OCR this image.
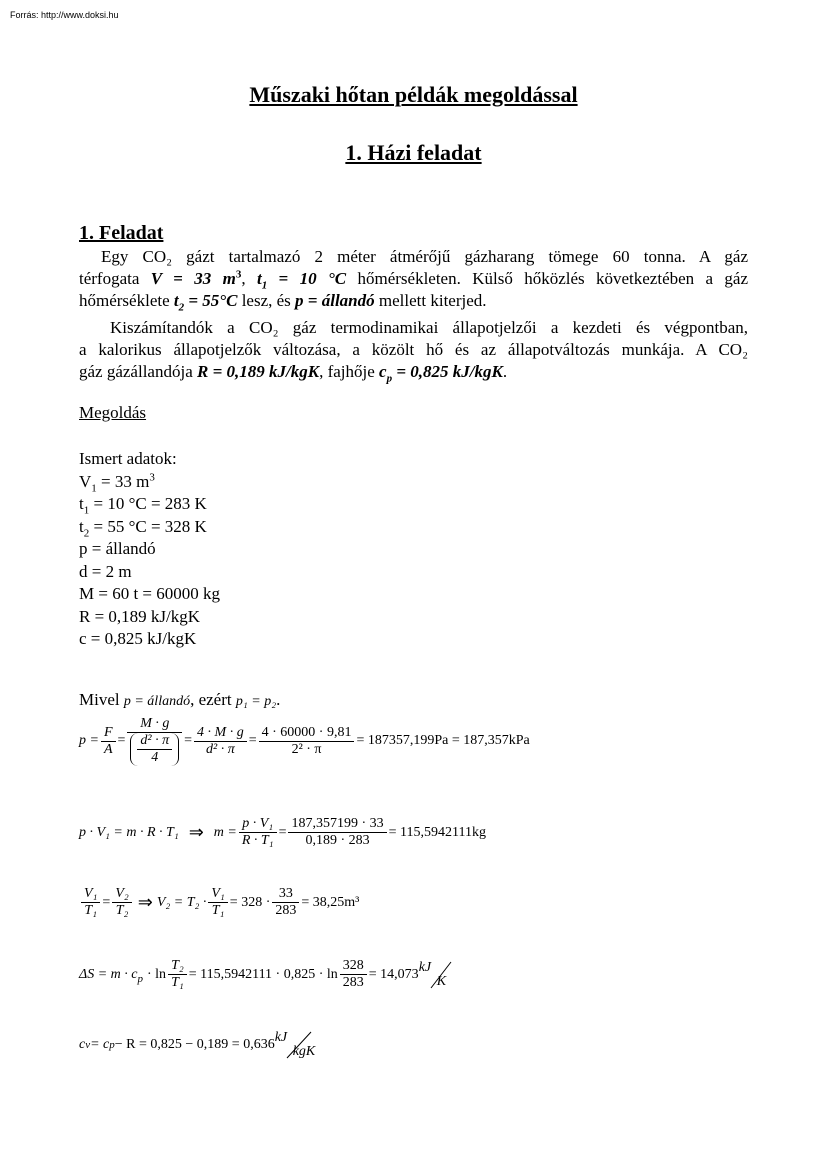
Forrás: http://www.doksi.hu
Műszaki hőtan példák megoldással
1. Házi feladat
1. Feladat
Egy CO₂ gázt tartalmazó 2 méter átmérőjű gázharang tömege 60 tonna. A gáz
térfogata V = 33 $m^3$, $t_1 = 10$ °C hőmérsékleten. Külső hőközlés következtében a gáz
hőmérséklete $t_2 = 55^\circ C$ lesz, és p = állandó mellett kiterjed.
Kiszámítandók a CO₂ gáz termodinamikai állapotjelzői a kezdeti és végpontban,
a kalorikus állapotjelzők változása, a közölt hő és az állapotváltozás munkája. A CO₂
gáz gázállandója R = 0,189 kJ/kgK, fajhője $c_p = 0,825$ kJ/kgK.
Megoldás
Ismert adatok:
$V_1 = 33$ $m^3$
$t_1 = 10$ °C = 283 K
$t_2 = 55$ °C = 328 K
p = állandó
d = 2 m
M = 60 t = 60000 kg
R = 0,189 kJ/kgK
c = 0,825 kJ/kgK
Mivel p = állandó, ezért p₁ = p₂.
$p = \frac{F}{A} = \frac{M \cdot g}{\frac{\text{d² · π}}{4}} = \frac{4 \cdot M \cdot g}{\text{d² · π}} = \frac{4 \cdot 60000 \cdot 9,81}{\text{2² · π}} = 187357,199Pa = 187,357kPa$
p · V₁ = m · R · T₁ ⇒ $m = \frac{\text{p · V₁}}{\text{R · T₁}} = \frac{187,357199 \cdot 33}{0,189 \cdot 283} = 115,5942111kg$
$\frac{\text{V₁}}{\text{T₁}} = \frac{\text{V₂}}{\text{T₂}}$ ⇒ $V_2 = T_2 \cdot \frac{\text{V₁}}{\text{T₁}} = 328 \cdot \frac{33}{283} = 38,25m^3$
$\Delta S = m \cdot c_p \cdot \ln \frac{\text{T₂}}{\text{T₁}} = 115,5942111 \cdot 0,825 \cdot \ln \frac{328}{283} = 14,073$ kJ
K
c v = c p − R = 0,825 − 0,189 = 0,636 kJ
kgK
